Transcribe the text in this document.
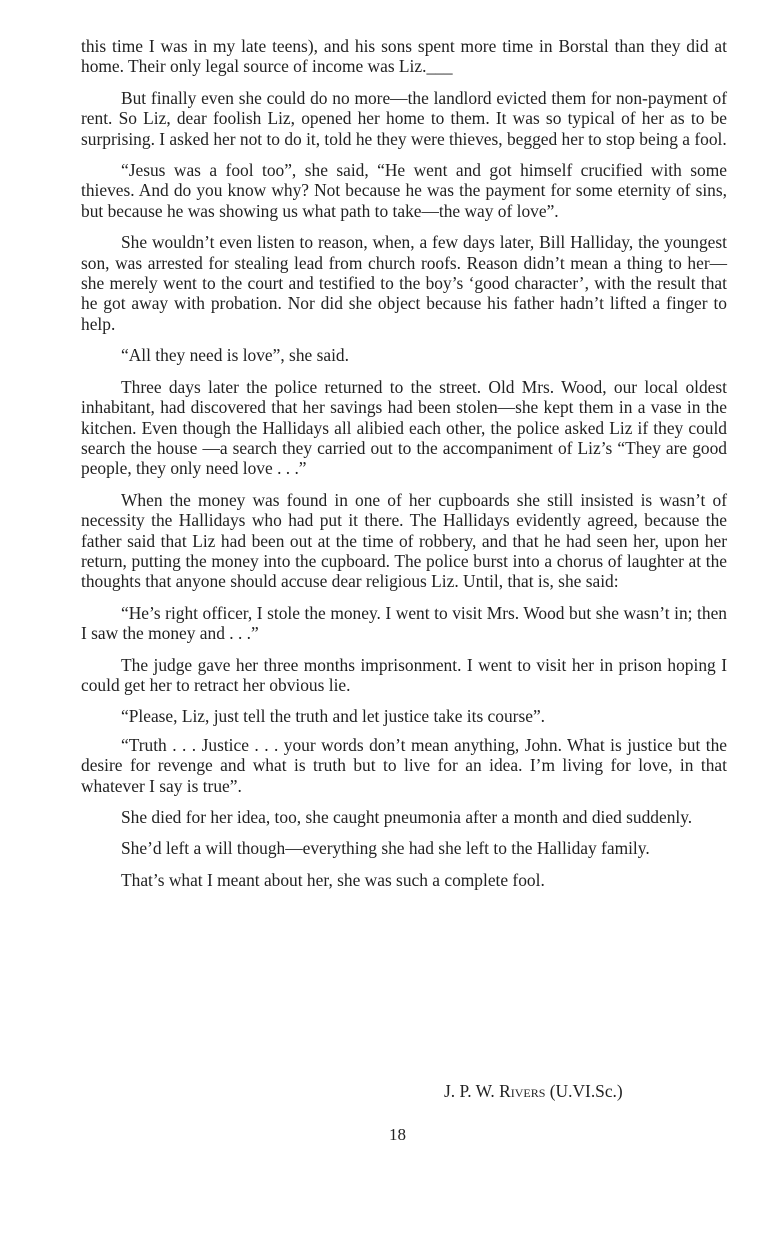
this time I was in my late teens), and his sons spent more time in Borstal than they did at home. Their only legal source of income was Liz.___

But finally even she could do no more—the landlord evicted them for non-payment of rent. So Liz, dear foolish Liz, opened her home to them. It was so typical of her as to be surprising. I asked her not to do it, told he they were thieves, begged her to stop being a fool.

“Jesus was a fool too”, she said, “He went and got himself crucified with some thieves. And do you know why? Not because he was the payment for some eternity of sins, but because he was showing us what path to take—the way of love”.

She wouldn’t even listen to reason, when, a few days later, Bill Halliday, the youngest son, was arrested for stealing lead from church roofs. Reason didn’t mean a thing to her—she merely went to the court and testified to the boy’s ‘good character’, with the result that he got away with probation. Nor did she object because his father hadn’t lifted a finger to help.

“All they need is love”, she said.

Three days later the police returned to the street. Old Mrs. Wood, our local oldest inhabitant, had discovered that her savings had been stolen—she kept them in a vase in the kitchen. Even though the Hallidays all alibied each other, the police asked Liz if they could search the house —a search they carried out to the accompaniment of Liz’s “They are good people, they only need love . . .”

When the money was found in one of her cupboards she still insisted is wasn’t of necessity the Hallidays who had put it there. The Hallidays evidently agreed, because the father said that Liz had been out at the time of robbery, and that he had seen her, upon her return, putting the money into the cupboard. The police burst into a chorus of laughter at the thoughts that anyone should accuse dear religious Liz. Until, that is, she said:

“He’s right officer, I stole the money. I went to visit Mrs. Wood but she wasn’t in; then I saw the money and . . .”

The judge gave her three months imprisonment. I went to visit her in prison hoping I could get her to retract her obvious lie.

“Please, Liz, just tell the truth and let justice take its course”.

“Truth . . . Justice . . . your words don’t mean anything, John. What is justice but the desire for revenge and what is truth but to live for an idea. I’m living for love, in that whatever I say is true”.

She died for her idea, too, she caught pneumonia after a month and died suddenly.

She’d left a will though—everything she had she left to the Halliday family.

That’s what I meant about her, she was such a complete fool.

J. P. W. Rivers (U.VI.Sc.)
18
